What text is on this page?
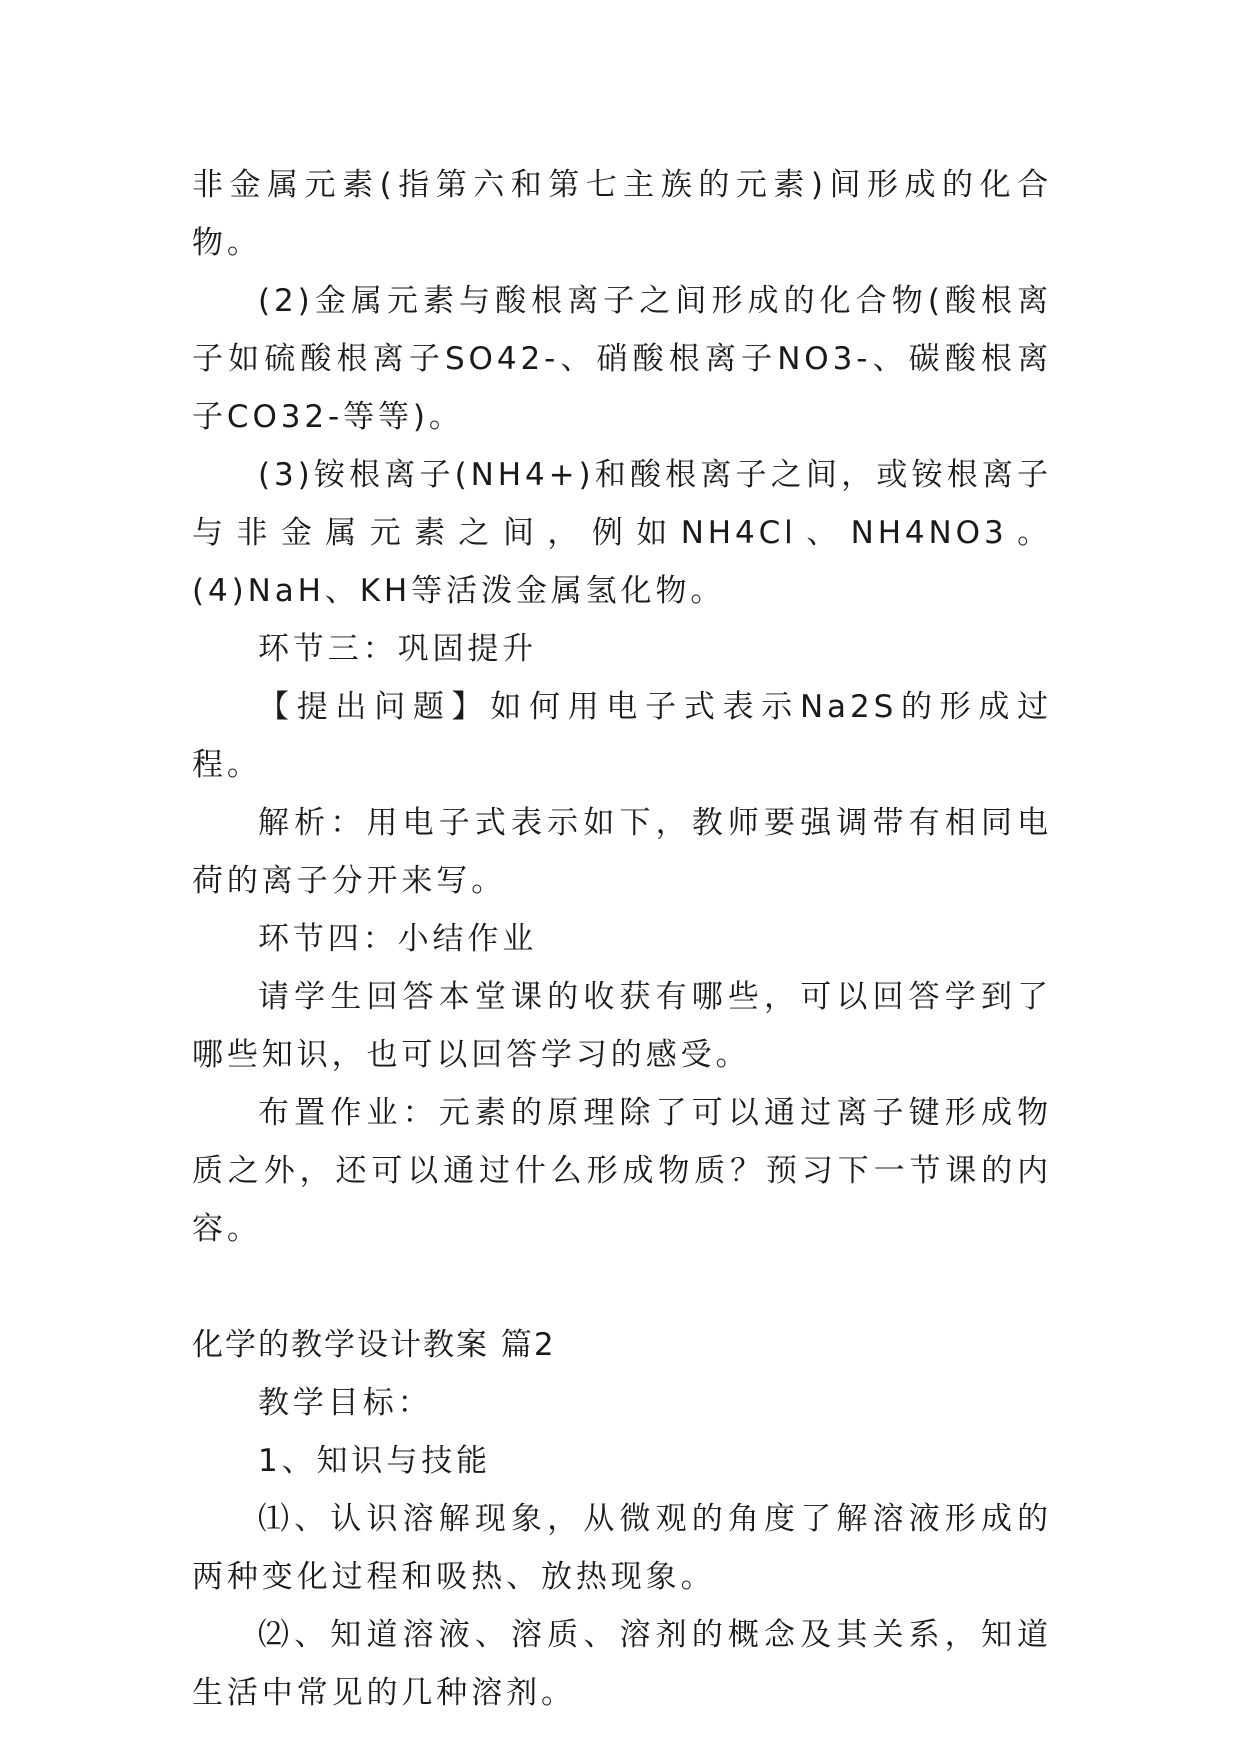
非金属元素(指第六和第七主族的元素)间形成的化合物。

(2)金属元素与酸根离子之间形成的化合物(酸根离子如硫酸根离子SO42-、硝酸根离子NO3-、碳酸根离子CO32-等等)。

(3)铵根离子(NH4+)和酸根离子之间，或铵根离子与非金属元素之间，例如NH4Cl、NH4NO3。(4)NaH、KH等活泼金属氢化物。

环节三：巩固提升

【提出问题】如何用电子式表示Na2S的形成过程。

解析：用电子式表示如下，教师要强调带有相同电荷的离子分开来写。

环节四：小结作业

请学生回答本堂课的收获有哪些，可以回答学到了哪些知识，也可以回答学习的感受。

布置作业：元素的原理除了可以通过离子键形成物质之外，还可以通过什么形成物质？预习下一节课的内容。

化学的教学设计教案 篇2

教学目标：

1、知识与技能

⑴、认识溶解现象，从微观的角度了解溶液形成的两种变化过程和吸热、放热现象。

⑵、知道溶液、溶质、溶剂的概念及其关系，知道生活中常见的几种溶剂。
